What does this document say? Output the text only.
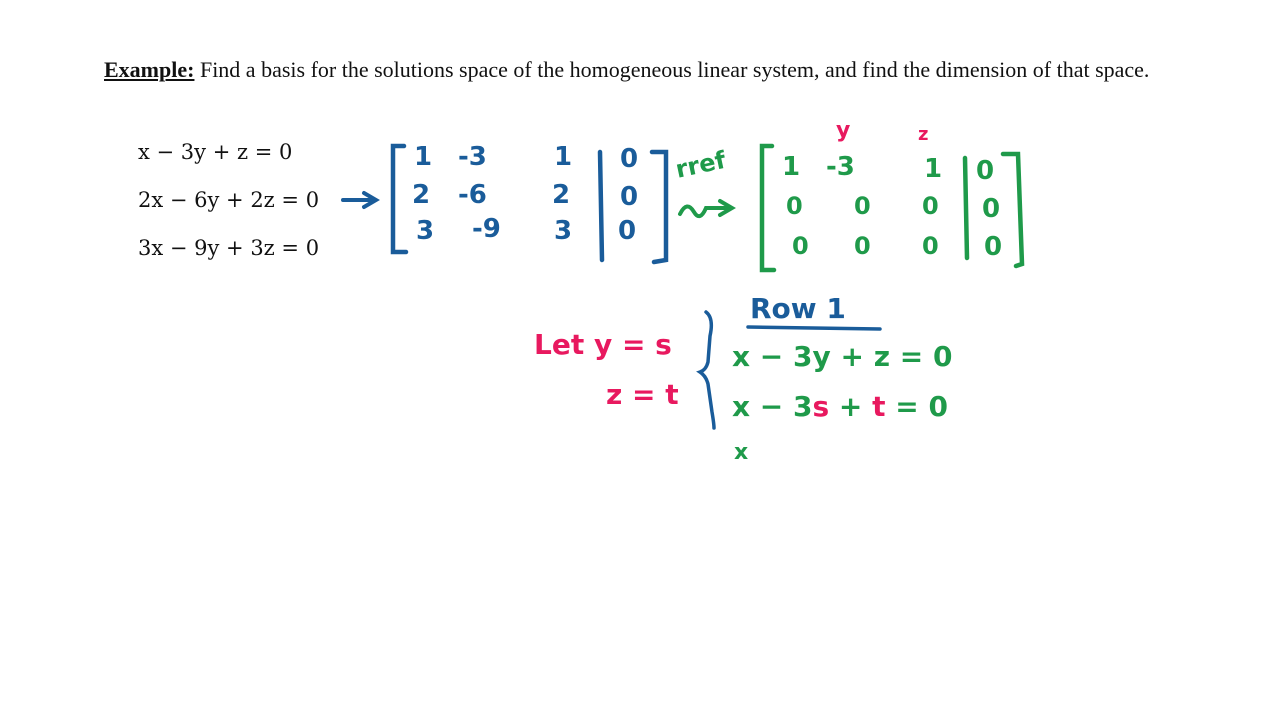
Example: Find a basis for the solutions space of the homogeneous linear system, and find the dimension of that space.
x − 3y + z = 0
2x − 6y + 2z = 0
3x − 9y + 3z = 0
1 -3	1 0
2 -6	2 0
3 -9 3 0
rref
y	z
1 -3	1 0
0 0 0 0
0 0 0 0
Let y = s
z = t
Row 1
x − 3y + z = 0
x − 3s + t = 0
x
